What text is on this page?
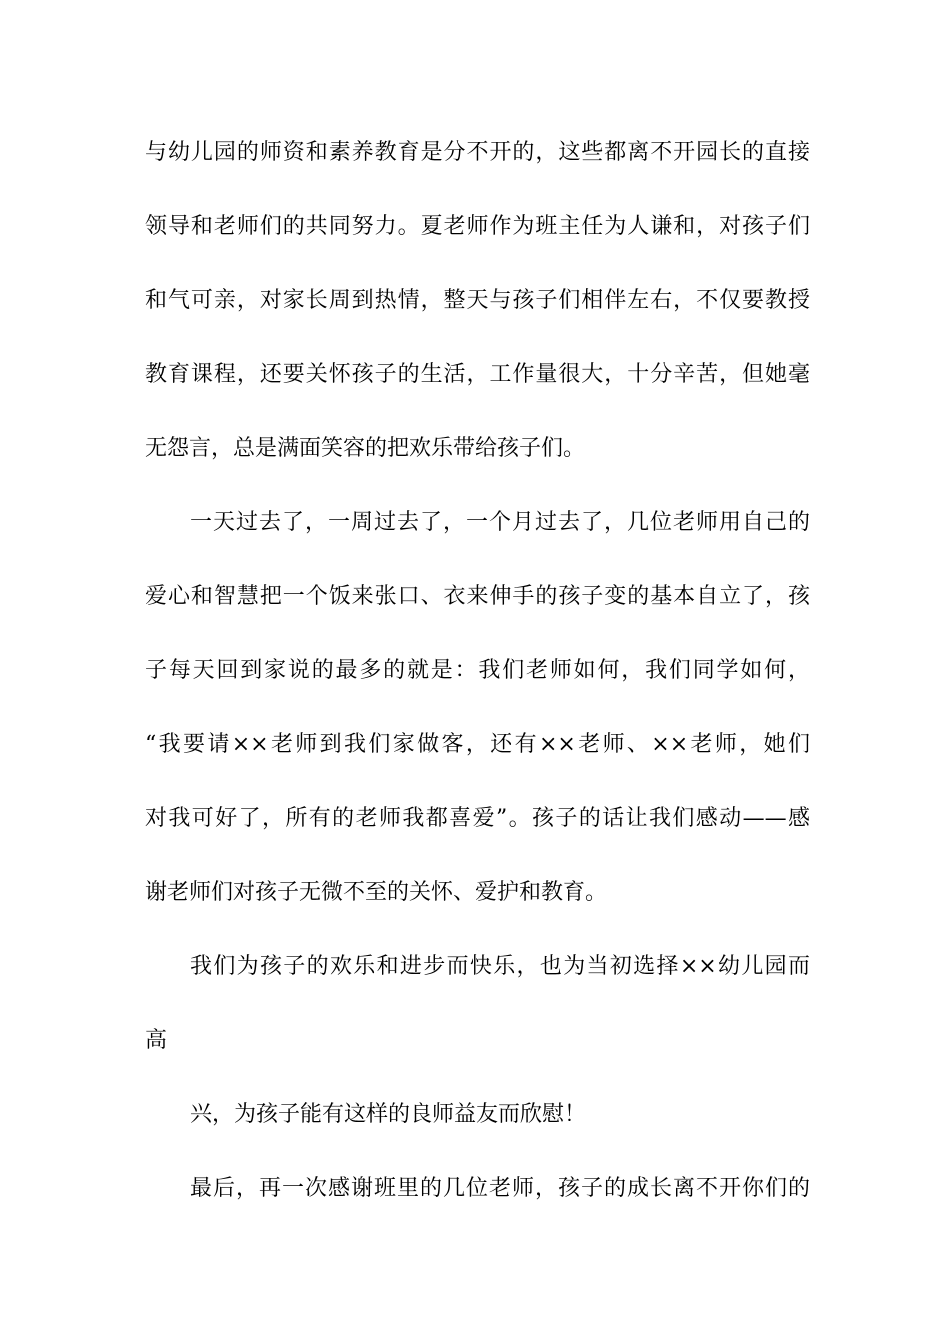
与幼儿园的师资和素养教育是分不开的，这些都离不开园长的直接
领导和老师们的共同努力。夏老师作为班主任为人谦和，对孩子们
和气可亲，对家长周到热情，整天与孩子们相伴左右，不仅要教授
教育课程，还要关怀孩子的生活，工作量很大，十分辛苦，但她毫
无怨言，总是满面笑容的把欢乐带给孩子们。
一天过去了，一周过去了，一个月过去了，几位老师用自己的
爱心和智慧把一个饭来张口、衣来伸手的孩子变的基本自立了，孩
子每天回到家说的最多的就是：我们老师如何，我们同学如何，
“我要请××老师到我们家做客，还有××老师、××老师，她们
对我可好了，所有的老师我都喜爱”。孩子的话让我们感动——感
谢老师们对孩子无微不至的关怀、爱护和教育。
我们为孩子的欢乐和进步而快乐，也为当初选择××幼儿园而
高
兴，为孩子能有这样的良师益友而欣慰！
最后，再一次感谢班里的几位老师，孩子的成长离不开你们的
